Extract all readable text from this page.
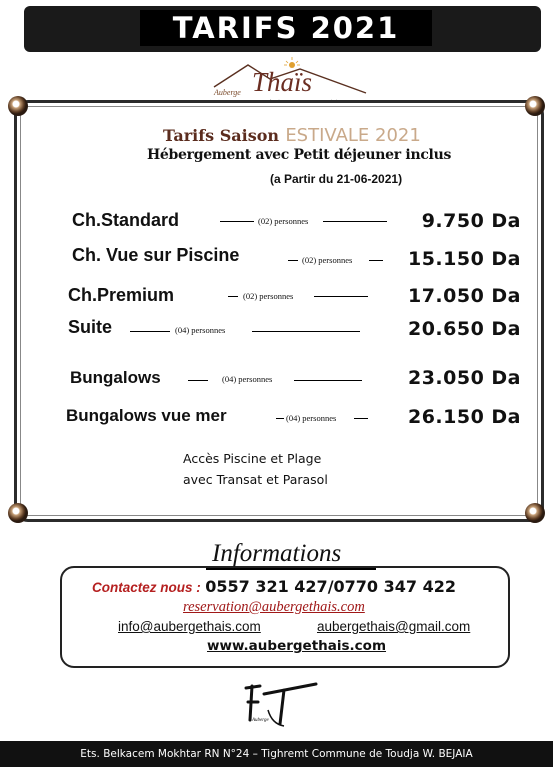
TARIFS 2021
Auberge Thaïs
Tarifs Saison ESTIVALE 2021
Hébergement avec Petit déjeuner inclus
(a Partir du 21-06-2021)
Ch.Standard	(02) personnes	9.750 Da
Ch. Vue sur Piscine	(02) personnes	15.150 Da
Ch.Premium	(02) personnes	17.050 Da
Suite	(04) personnes	20.650 Da
Bungalows	(04) personnes	23.050 Da
Bungalows vue mer	(04) personnes	26.150 Da
Accès Piscine et Plage
avec Transat et Parasol
Informations
Contactez nous : 0557 321 427/0770 347 422
reservation@aubergethais.com
info@aubergethais.com	aubergethais@gmail.com
www.aubergethais.com
Auberge
Ets. Belkacem Mokhtar RN N°24 – Tighremt Commune de Toudja W. BEJAIA
